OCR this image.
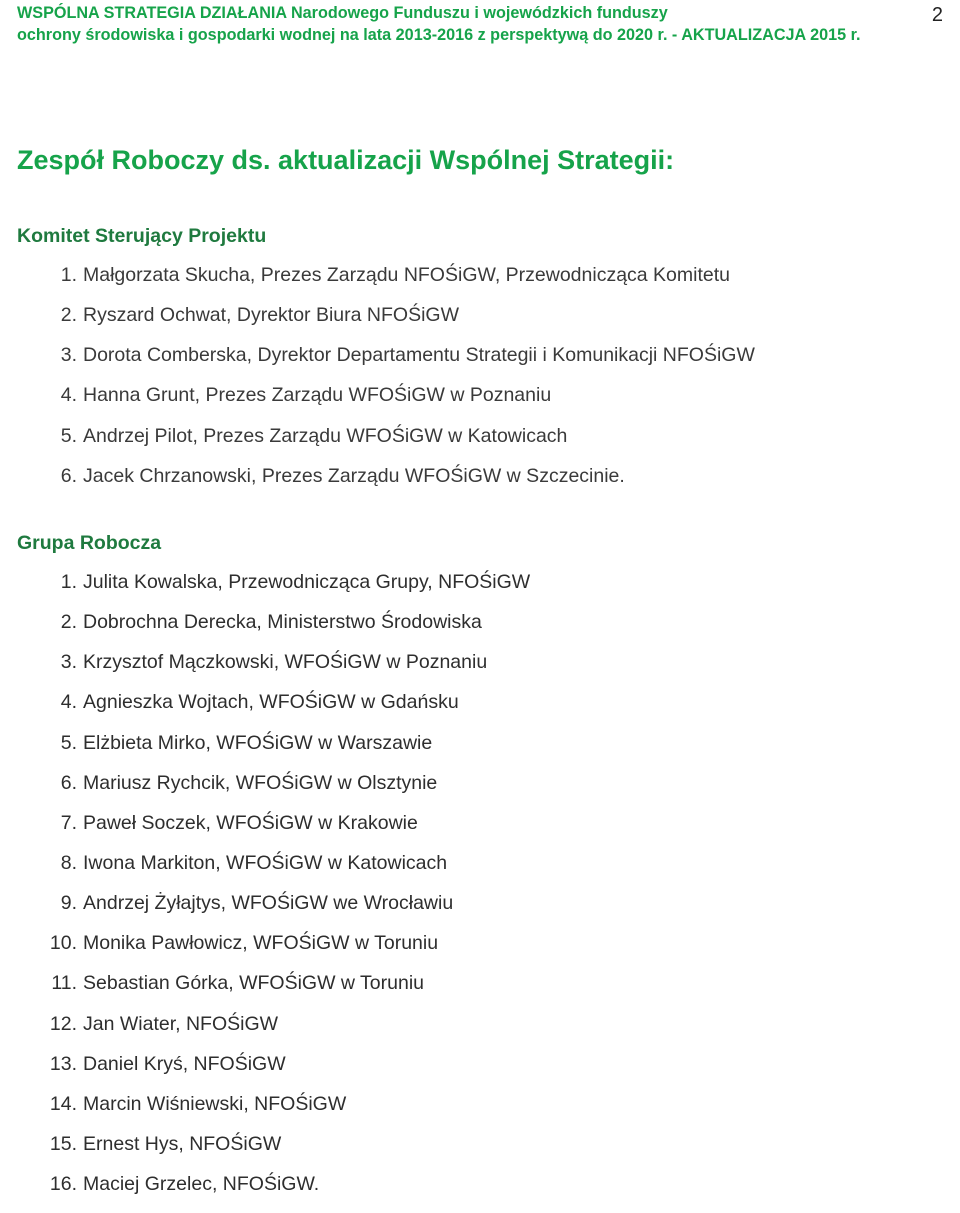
WSPÓLNA STRATEGIA DZIAŁANIA Narodowego Funduszu i wojewódzkich funduszy
ochrony środowiska i gospodarki wodnej na lata 2013-2016 z perspektywą do 2020 r. - AKTUALIZACJA 2015 r.
2
Zespół Roboczy ds. aktualizacji Wspólnej Strategii:
Komitet Sterujący Projektu
1. Małgorzata Skucha, Prezes Zarządu NFOŚiGW, Przewodnicząca Komitetu
2. Ryszard Ochwat, Dyrektor Biura NFOŚiGW
3. Dorota Comberska, Dyrektor Departamentu Strategii i Komunikacji NFOŚiGW
4. Hanna Grunt, Prezes Zarządu WFOŚiGW w Poznaniu
5. Andrzej Pilot, Prezes Zarządu WFOŚiGW w Katowicach
6. Jacek Chrzanowski, Prezes Zarządu WFOŚiGW w Szczecinie.
Grupa Robocza
1. Julita Kowalska, Przewodnicząca Grupy, NFOŚiGW
2. Dobrochna Derecka, Ministerstwo Środowiska
3. Krzysztof Mączkowski, WFOŚiGW w Poznaniu
4. Agnieszka Wojtach, WFOŚiGW w Gdańsku
5. Elżbieta Mirko, WFOŚiGW w Warszawie
6. Mariusz Rychcik, WFOŚiGW w Olsztynie
7. Paweł Soczek, WFOŚiGW w Krakowie
8. Iwona Markiton, WFOŚiGW w Katowicach
9. Andrzej Żyłajtys, WFOŚiGW we Wrocławiu
10. Monika Pawłowicz, WFOŚiGW w Toruniu
11. Sebastian Górka, WFOŚiGW w Toruniu
12. Jan Wiater, NFOŚiGW
13. Daniel Kryś, NFOŚiGW
14. Marcin Wiśniewski, NFOŚiGW
15. Ernest Hys, NFOŚiGW
16. Maciej Grzelec, NFOŚiGW.
